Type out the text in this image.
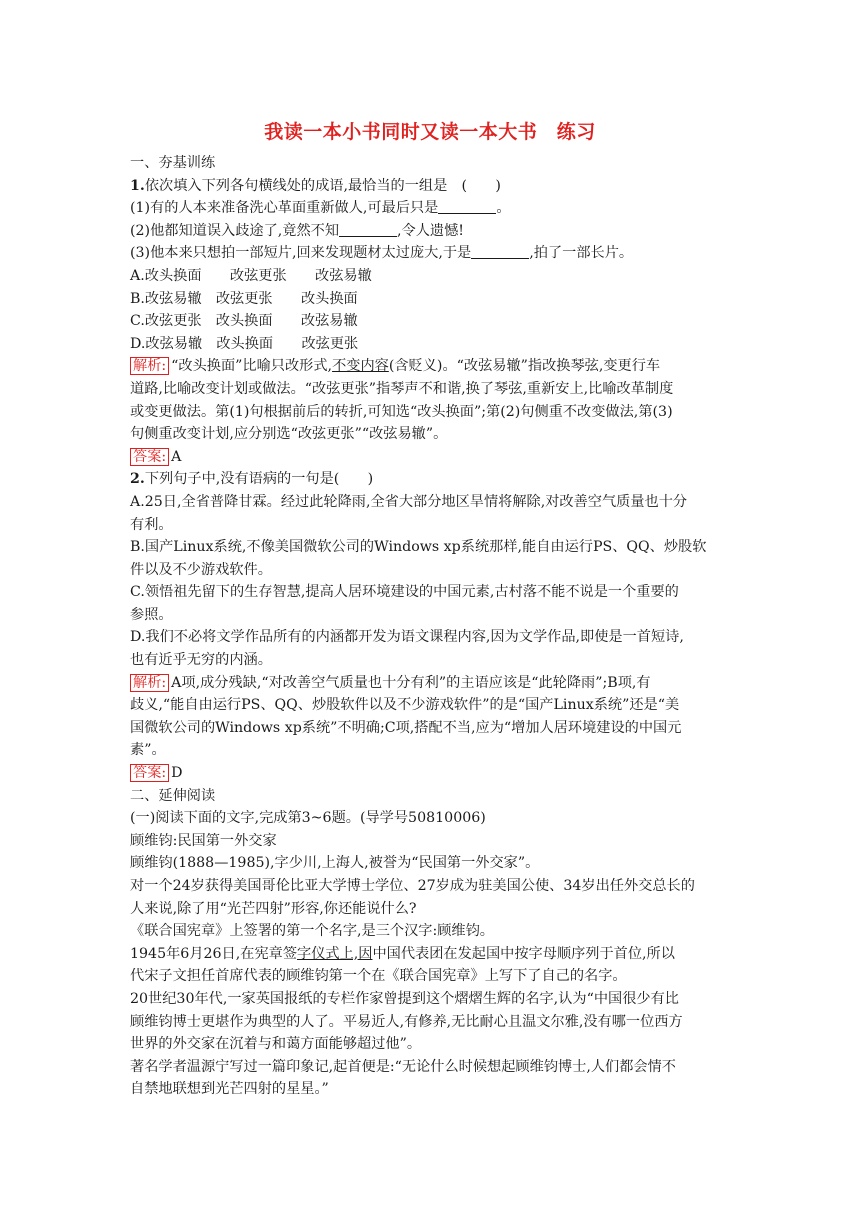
我读一本小书同时又读一本大书　练习
一、夯基训练
1.依次填入下列各句横线处的成语,最恰当的一组是　(　　)
(1)有的人本来准备洗心革面重新做人,可最后只是	。
(2)他都知道误入歧途了,竟然不知	,令人遗憾!
(3)他本来只想拍一部短片,回来发现题材太过庞大,于是	,拍了一部长片。
A.改头换面　　改弦更张　　改弦易辙
B.改弦易辙　改弦更张　　改头换面
C.改弦更张　改头换面　　改弦易辙
D.改弦易辙　改头换面　　改弦更张
解析: “改头换面”比喻只改形式,不变内容(含贬义)。“改弦易辙”指改换琴弦,变更行车
道路,比喻改变计划或做法。“改弦更张”指琴声不和谐,换了琴弦,重新安上,比喻改革制度
或变更做法。第(1)句根据前后的转折,可知选“改头换面”;第(2)句侧重不改变做法,第(3)
句侧重改变计划,应分别选“改弦更张”“改弦易辙”。
答案: A
2.下列句子中,没有语病的一句是(　　)
A.25日,全省普降甘霖。经过此轮降雨,全省大部分地区旱情将解除,对改善空气质量也十分
有利。
B.国产Linux系统,不像美国微软公司的Windows xp系统那样,能自由运行PS、QQ、炒股软
件以及不少游戏软件。
C.领悟祖先留下的生存智慧,提高人居环境建设的中国元素,古村落不能不说是一个重要的
参照。
D.我们不必将文学作品所有的内涵都开发为语文课程内容,因为文学作品,即使是一首短诗,
也有近乎无穷的内涵。
解析: A项,成分残缺,“对改善空气质量也十分有利”的主语应该是“此轮降雨”;B项,有
歧义,“能自由运行PS、QQ、炒股软件以及不少游戏软件”的是“国产Linux系统”还是“美
国微软公司的Windows xp系统”不明确;C项,搭配不当,应为“增加人居环境建设的中国元
素”。
答案: D
二、延伸阅读
(一)阅读下面的文字,完成第3~6题。(导学号50810006)
顾维钧:民国第一外交家
顾维钧(1888—1985),字少川,上海人,被誉为“民国第一外交家”。
对一个24岁获得美国哥伦比亚大学博士学位、27岁成为驻美国公使、34岁出任外交总长的
人来说,除了用“光芒四射”形容,你还能说什么?
《联合国宪章》上签署的第一个名字,是三个汉字:顾维钧。
1945年6月26日,在宪章签字仪式上,因中国代表团在发起国中按字母顺序列于首位,所以
代宋子文担任首席代表的顾维钧第一个在《联合国宪章》上写下了自己的名字。
20世纪30年代,一家英国报纸的专栏作家曾提到这个熠熠生辉的名字,认为“中国很少有比
顾维钧博士更堪作为典型的人了。平易近人,有修养,无比耐心且温文尔雅,没有哪一位西方
世界的外交家在沉着与和蔼方面能够超过他”。
著名学者温源宁写过一篇印象记,起首便是:“无论什么时候想起顾维钧博士,人们都会情不
自禁地联想到光芒四射的星星。”
